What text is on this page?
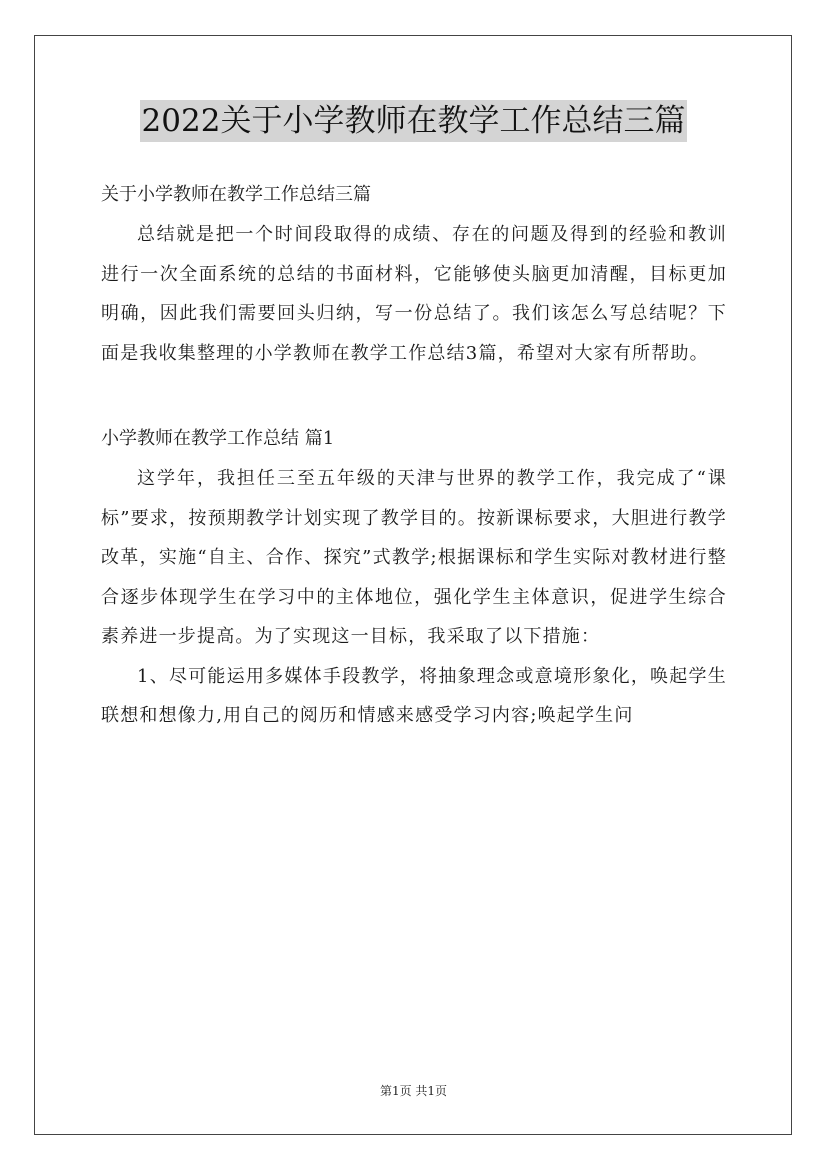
2022关于小学教师在教学工作总结三篇

关于小学教师在教学工作总结三篇

总结就是把一个时间段取得的成绩、存在的问题及得到的经验和教训进行一次全面系统的总结的书面材料，它能够使头脑更加清醒，目标更加明确，因此我们需要回头归纳，写一份总结了。我们该怎么写总结呢？下面是我收集整理的小学教师在教学工作总结3篇，希望对大家有所帮助。

小学教师在教学工作总结 篇1

这学年，我担任三至五年级的天津与世界的教学工作，我完成了“课标”要求，按预期教学计划实现了教学目的。按新课标要求，大胆进行教学改革，实施“自主、合作、探究”式教学;根据课标和学生实际对教材进行整合逐步体现学生在学习中的主体地位，强化学生主体意识，促进学生综合素养进一步提高。为了实现这一目标，我采取了以下措施：

1、尽可能运用多媒体手段教学，将抽象理念或意境形象化，唤起学生联想和想像力,用自己的阅历和情感来感受学习内容;唤起学生问

第1页 共1页
